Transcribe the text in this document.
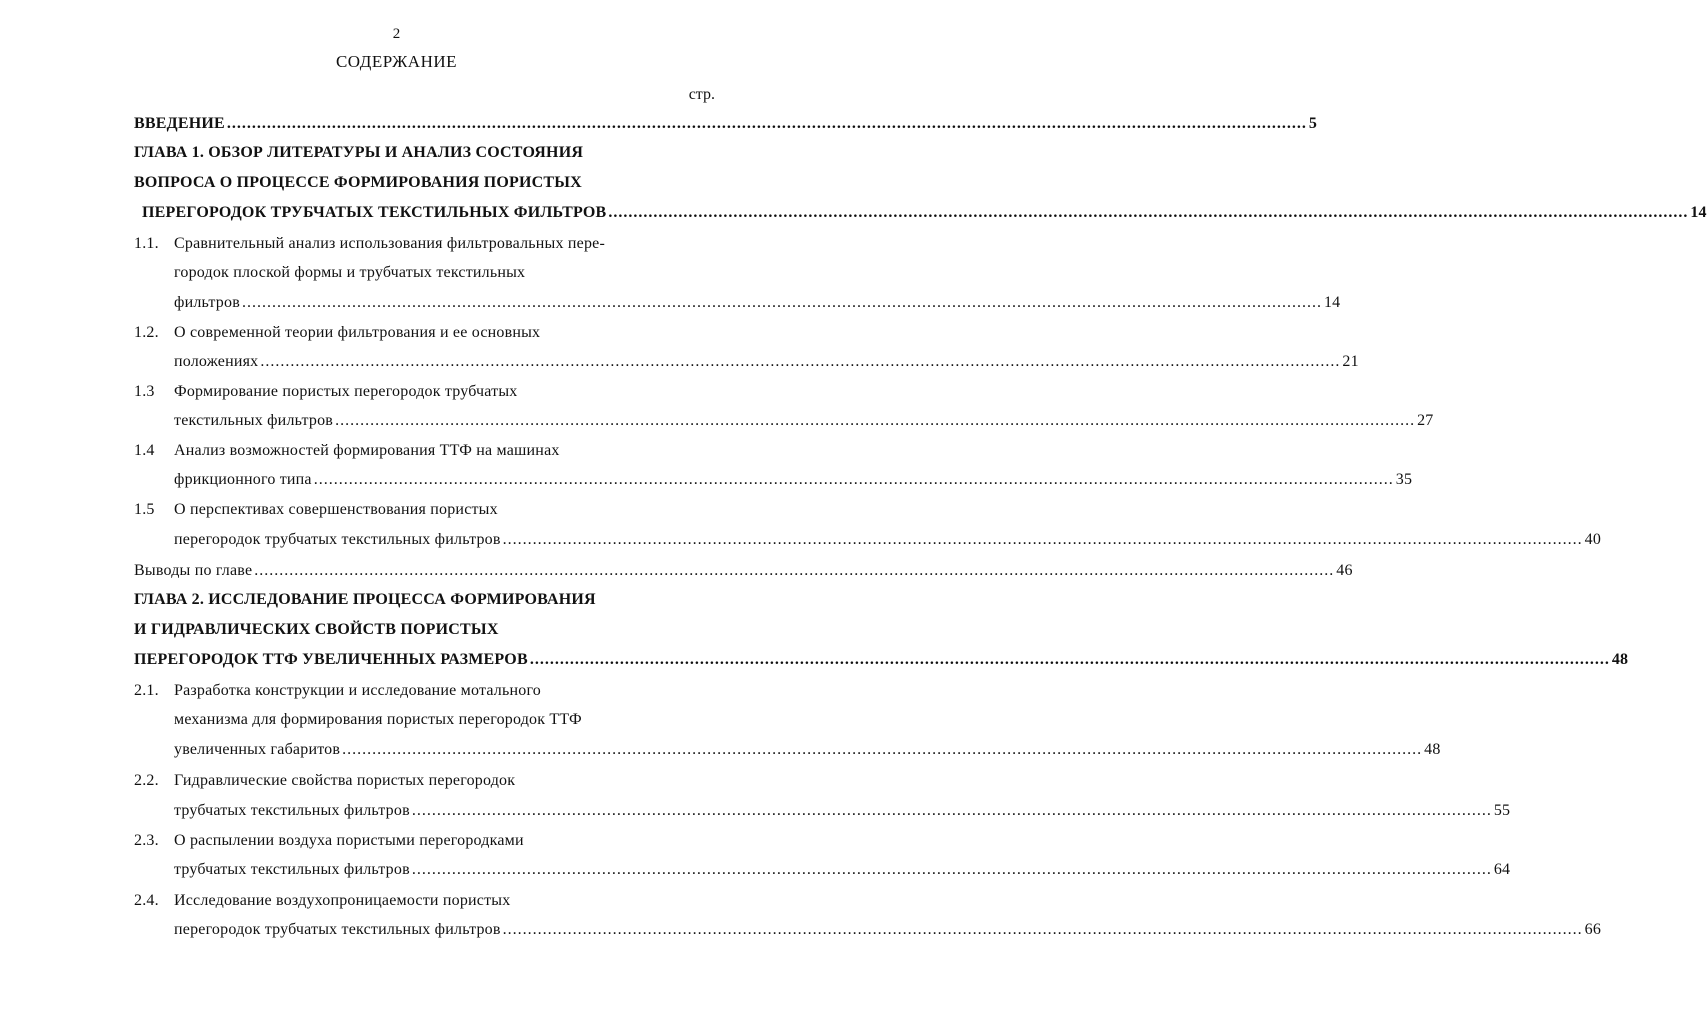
2
СОДЕРЖАНИЕ
стр.
ВВЕДЕНИЕ .....	5
ГЛАВА 1. ОБЗОР ЛИТЕРАТУРЫ И АНАЛИЗ СОСТОЯНИЯ
ВОПРОСА О ПРОЦЕССЕ ФОРМИРОВАНИЯ ПОРИСТЫХ
ПЕРЕГОРОДОК ТРУБЧАТЫХ ТЕКСТИЛЬНЫХ ФИЛЬТРОВ .....	14
1.1. Сравнительный анализ использования фильтровальных пере-
городок плоской формы и трубчатых текстильных
фильтров .....	14
1.2. О современной теории фильтрования и ее основных
положениях .....	21
1.3	Формирование пористых перегородок трубчатых
текстильных фильтров .....	27
1.4	Анализ возможностей формирования ТТФ на машинах
фрикционного типа .....	35
1.5	О перспективах совершенствования пористых
перегородок трубчатых текстильных фильтров .....	40
Выводы по главе .....	46
ГЛАВА 2. ИССЛЕДОВАНИЕ ПРОЦЕССА ФОРМИРОВАНИЯ
И ГИДРАВЛИЧЕСКИХ СВОЙСТВ ПОРИСТЫХ
ПЕРЕГОРОДОК ТТФ УВЕЛИЧЕННЫХ РАЗМЕРОВ .....	48
2.1. Разработка конструкции и исследование мотального
механизма для формирования пористых перегородок ТТФ
увеличенных габаритов .....	48
2.2. Гидравлические свойства пористых перегородок
трубчатых текстильных фильтров .....	55
2.3. О распылении воздуха пористыми перегородками
трубчатых текстильных фильтров .....	64
2.4. Исследование воздухопроницаемости пористых
перегородок трубчатых текстильных фильтров .....	66
